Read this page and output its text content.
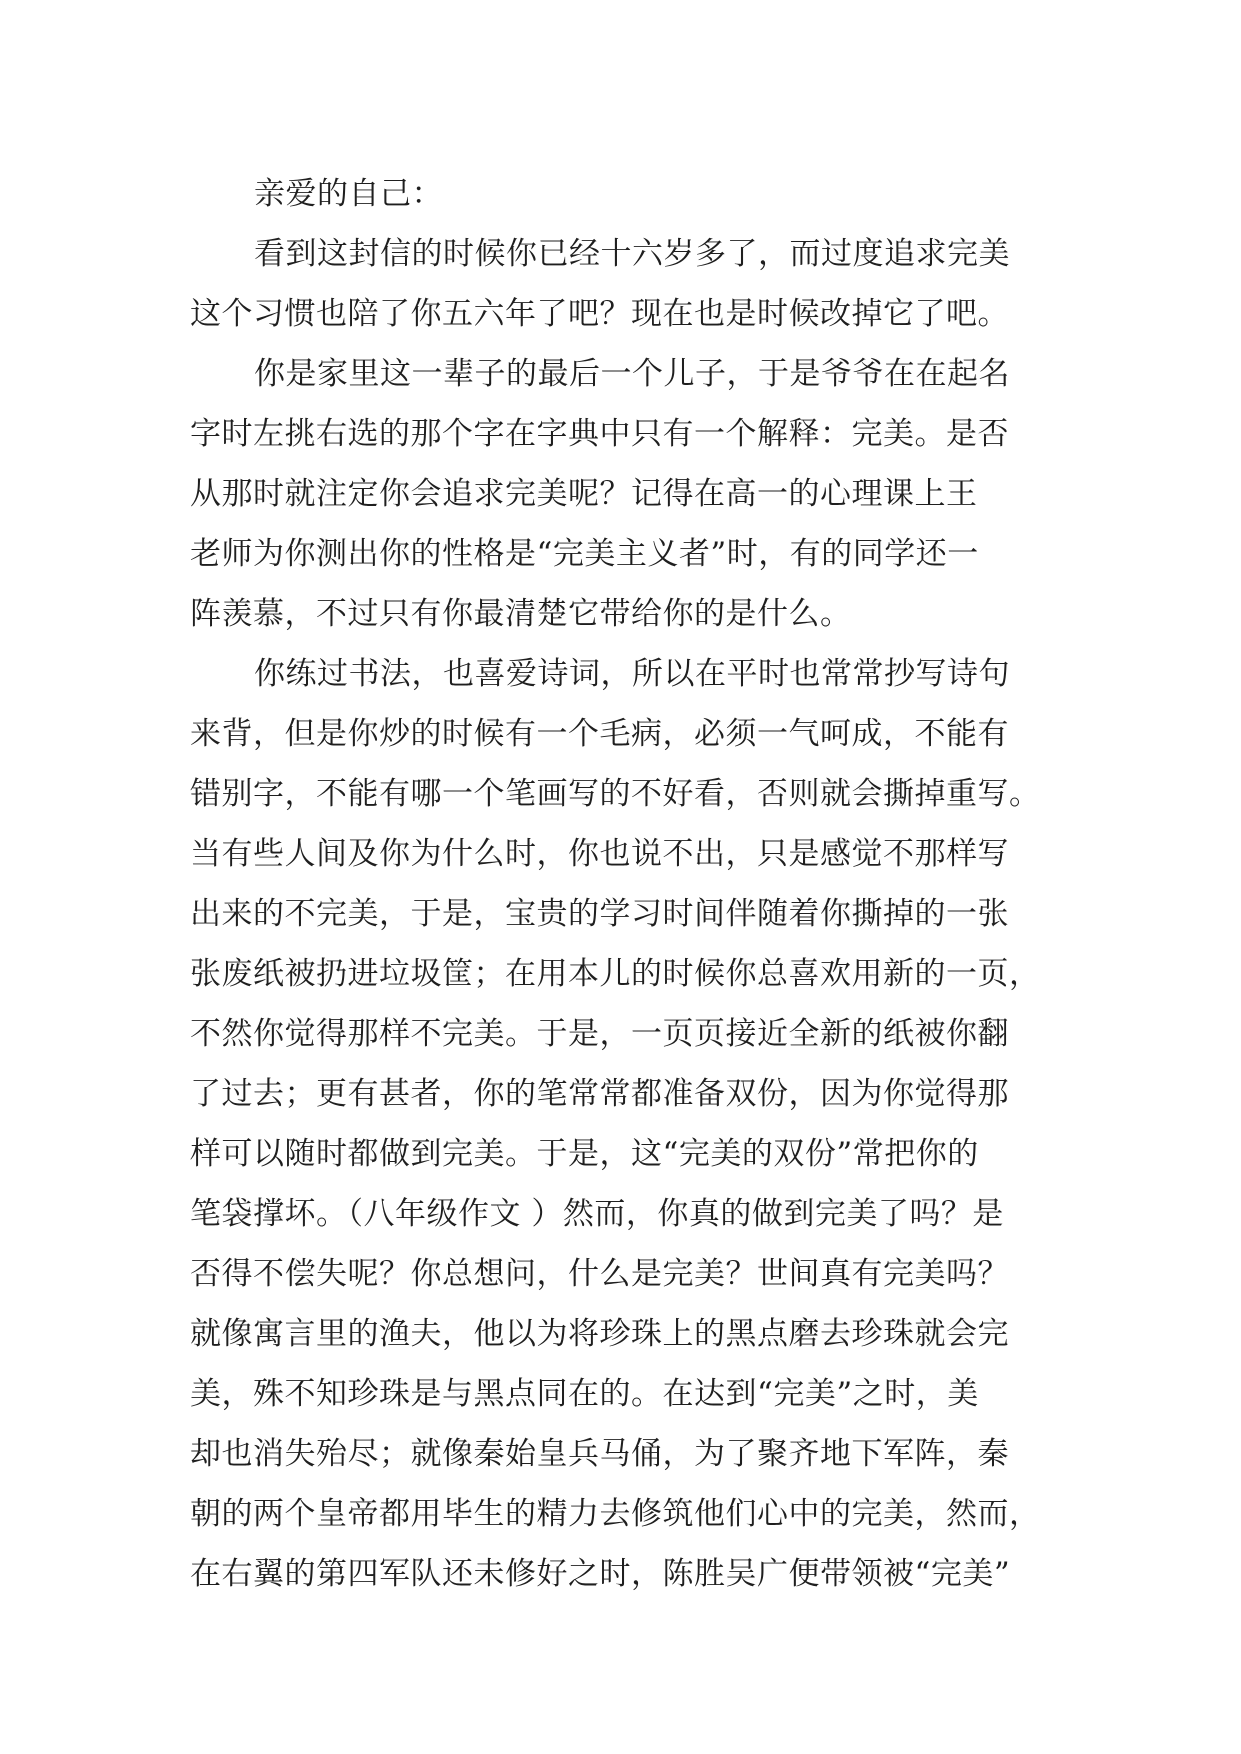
亲爱的自己：
看到这封信的时候你已经十六岁多了，而过度追求完美
这个习惯也陪了你五六年了吧？现在也是时候改掉它了吧。
你是家里这一辈子的最后一个儿子，于是爷爷在在起名
字时左挑右选的那个字在字典中只有一个解释：完美。是否
从那时就注定你会追求完美呢？记得在高一的心理课上王
老师为你测出你的性格是“完美主义者”时，有的同学还一
阵羡慕，不过只有你最清楚它带给你的是什么。
你练过书法，也喜爱诗词，所以在平时也常常抄写诗句
来背，但是你炒的时候有一个毛病，必须一气呵成，不能有
错别字，不能有哪一个笔画写的不好看，否则就会撕掉重写。
当有些人间及你为什么时，你也说不出，只是感觉不那样写
出来的不完美，于是，宝贵的学习时间伴随着你撕掉的一张
张废纸被扔进垃圾筐；在用本儿的时候你总喜欢用新的一页，
不然你觉得那样不完美。于是，一页页接近全新的纸被你翻
了过去；更有甚者，你的笔常常都准备双份，因为你觉得那
样可以随时都做到完美。于是，这“完美的双份”常把你的
笔袋撑坏。（八年级作文 ）然而，你真的做到完美了吗？是
否得不偿失呢？你总想问，什么是完美？世间真有完美吗？
就像寓言里的渔夫，他以为将珍珠上的黑点磨去珍珠就会完
美，殊不知珍珠是与黑点同在的。在达到“完美”之时，美
却也消失殆尽；就像秦始皇兵马俑，为了聚齐地下军阵，秦
朝的两个皇帝都用毕生的精力去修筑他们心中的完美，然而，
在右翼的第四军队还未修好之时，陈胜吴广便带领被“完美”
